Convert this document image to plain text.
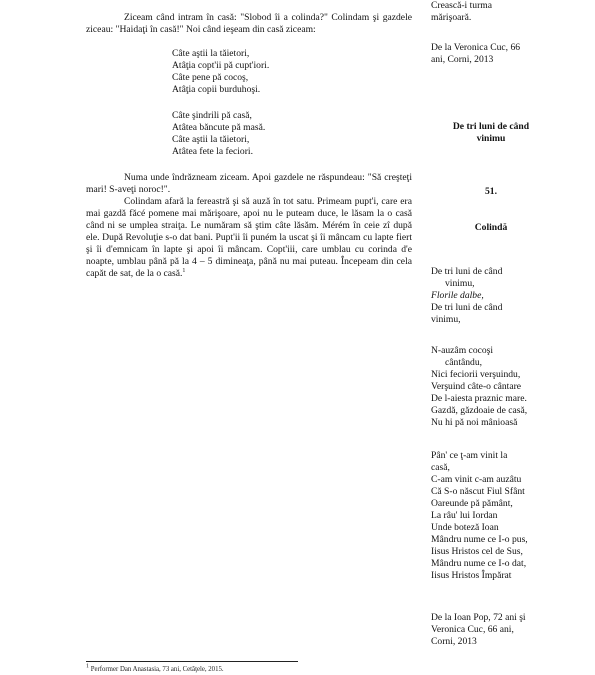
Ziceam când intram în casă: "Slobod îi a colinda?" Colindam şi gazdele ziceau: "Haidaţi în casă!" Noi când ieşeam din casă ziceam:

Câte aştii la tăietori,
Atâţia copt'ii pă cupt'iori.
Câte pene pă cocoş,
Atâţia copii burduhoşi.
Câte şindrili pă casă,
Atâtea băncute pă masă.
Câte aştii la tăietori,
Atâtea fete la feciori.

Numa unde îndrăzneam ziceam. Apoi gazdele ne răspundeau: "Să creşteţi mari! S-aveţi noroc!".

Colindam afară la fereastră şi să auză în tot satu. Primeam pupt'i, care era mai gazdă făcé pomene mai mărişoare, apoi nu le puteam duce, le lăsam la o casă când ni se umplea straiţa. Le număram să ştim câte lăsăm. Mérém în ceie zî după ele. După Revoluţie s-o dat bani. Pupt'ii îi puném la uscat şi îi mâncam cu lapte fiert şi îi d'emnicam în lapte şi apoi îi mâncam. Copt'iii, care umblau cu corinda d'e noapte, umblau până pă la 4 – 5 dimineaţa, până nu mai puteau. Începeam din cela capăt de sat, de la o casă.$^1$

Crească-i turma
mărişoară.
De la Veronica Cuc, 66
ani, Corni, 2013
De tri luni de când
vinimu
51.
Colindă
De tri luni de când
vinimu,
Florile dalbe,
De tri luni de când
vinimu,
N-auzâm cocoşi
cântându,
Nici feciorii verşuindu,
Verşuind câte-o cântare
De l-aiesta praznic mare.
Gazdă, găzdoaie de casă,
Nu hi pă noi mânioasă
Pân' ce ţ-am vinit la
casă,
C-am vinit c-am auzâtu
Că S-o născut Fiul Sfânt
Oareunde pă pământ,
La râu' lui Iordan
Unde boteză Ioan
Mândru nume ce I-o pus,
Iisus Hristos cel de Sus,
Mândru nume ce I-o dat,
Iisus Hristos Împărat
De la Ioan Pop, 72 ani şi
Veronica Cuc, 66 ani,
Corni, 2013
$^1$ Performer Dan Anastasia, 73 ani, Cetăţele, 2015.
